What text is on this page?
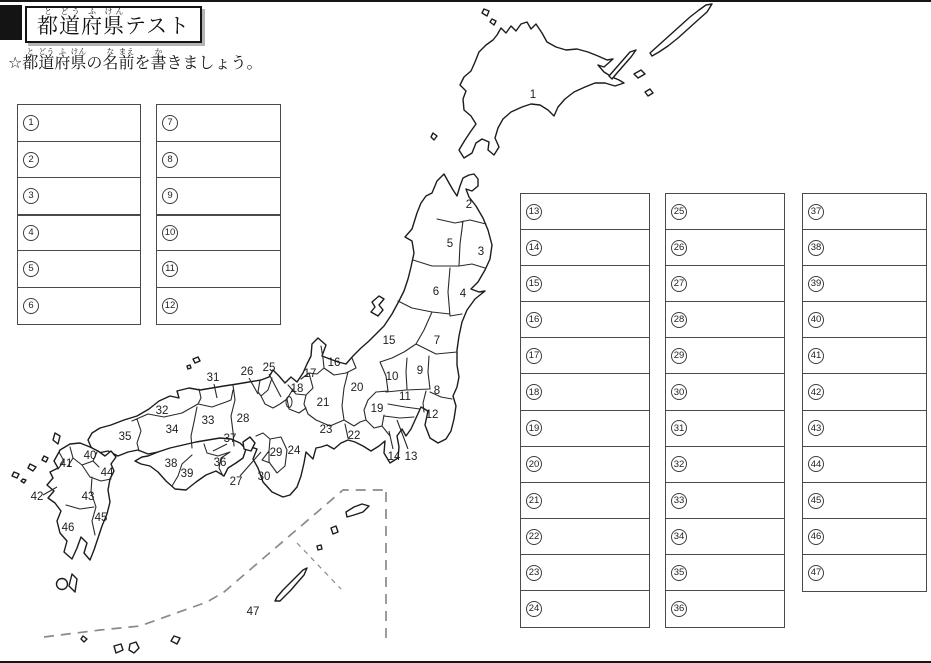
都と
道どう
府ふ
県けん
テスト
☆都と道どう府ふ県けんの名な前まえを書かきましょう。
1
2
3
4
5
6
7
8
9
10
11
12
13
14
15
16
17
18
19
20
21
22
23
24
25
26
27
28
29
30
31
32
33
34
35
36
37
38
39
40
41
42
43
44
45
46
47
1
2
3
4
5
6
7
8
9
10
11
12
13
14
15
16
17
18
19
20
21
22
23
24
25
26
27
28
29
30
31
32
33
34
35
36
37
38
39
40
41
42	43
44
45
46
47
